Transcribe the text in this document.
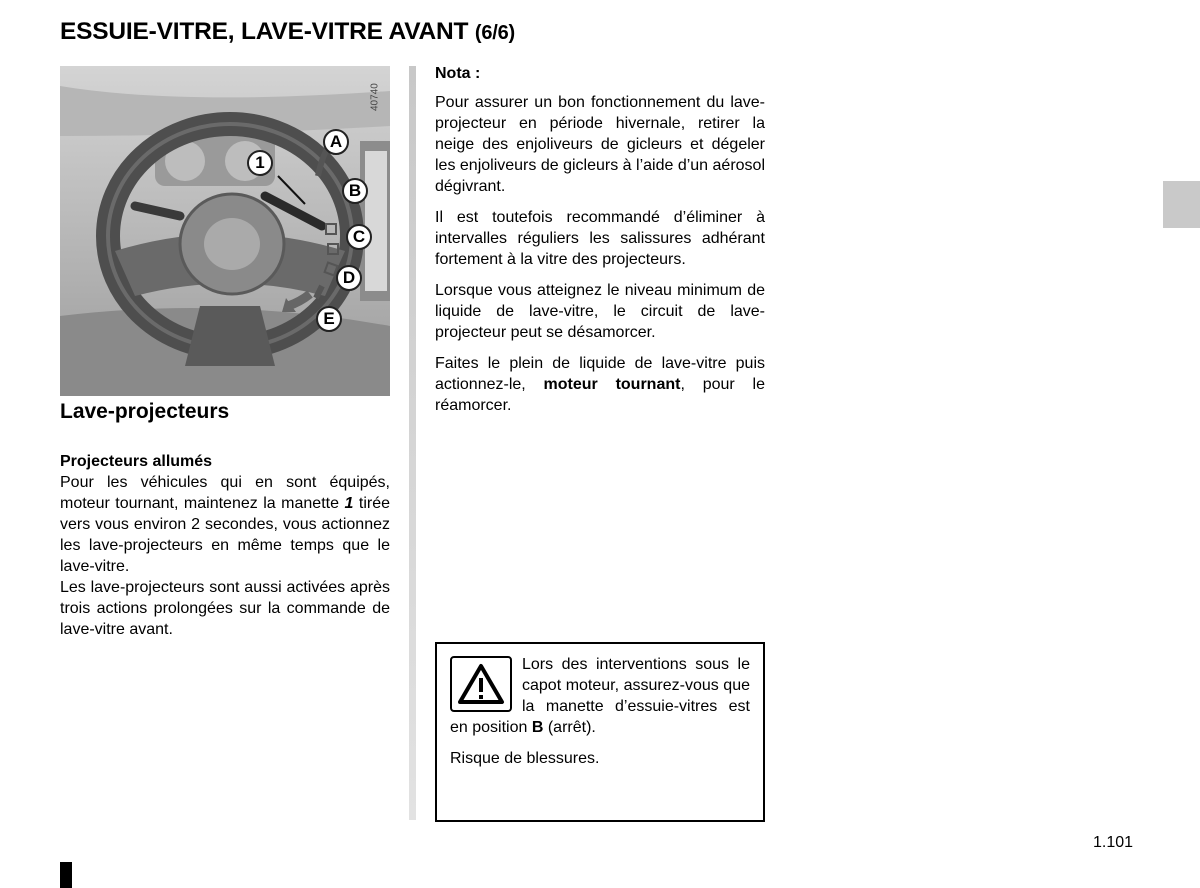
ESSUIE-VITRE, LAVE-VITRE AVANT (6/6)
1
A
B
C
D
E
40740
Lave-projecteurs

Projecteurs allumés

Pour les véhicules qui en sont équipés, moteur tournant, maintenez la manette 1 tirée vers vous environ 2 secondes, vous actionnez les lave-projecteurs en même temps que le lave-vitre.

Les lave-projecteurs sont aussi activées après trois actions prolongées sur la commande de lave-vitre avant.

Nota :

Pour assurer un bon fonctionnement du lave-projecteur en période hivernale, retirer la neige des enjoliveurs de gicleurs et dégeler les enjoliveurs de gicleurs à l’aide d’un aérosol dégivrant.

Il est toutefois recommandé d’éliminer à intervalles réguliers les salissures adhérant fortement à la vitre des projecteurs.

Lorsque vous atteignez le niveau minimum de liquide de lave-vitre, le circuit de lave-projecteur peut se désamorcer.

Faites le plein de liquide de lave-vitre puis actionnez-le, moteur tournant, pour le réamorcer.

Lors des interventions sous le capot moteur, assurez-vous que la manette d’essuie-vitres est en position B (arrêt).

Risque de blessures.

1.101
